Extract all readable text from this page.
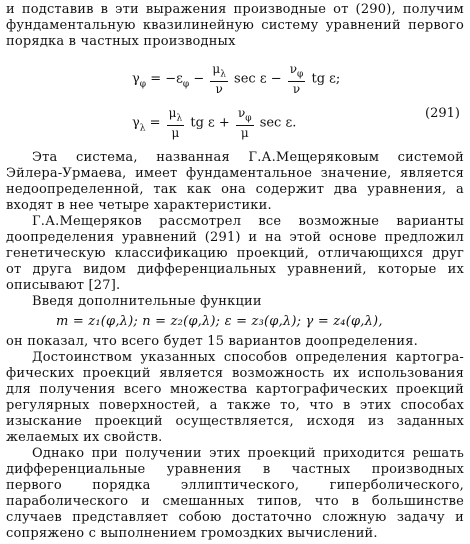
и подставив в эти выражения производные от (290), получим
фундаментальную квазилинейную систему уравнений первого
порядка в частных производных
$\gamma_\varphi = -\varepsilon_\varphi - \frac{\mu_\lambda}{\nu}$ $\sec \varepsilon - \frac{\nu_\varphi}{\nu}$ tg ε;
$\gamma_\lambda = \frac{\mu_\lambda}{\mu}$ tg $\varepsilon + \frac{\nu_\varphi}{\mu}$ sec ε.
(291)
Эта система, названная Г.А.Мещеряковым системой
Эйлера-Урмаева, имеет фундаментальное значение, является
недоопределенной, так как она содержит два уравнения, а
входят в нее четыре характеристики.
Г.А.Мещеряков рассмотрел все возможные варианты
доопределения уравнений (291) и на этой основе предложил
генетическую классификацию проекций, отличающихся друг
от друга видом дифференциальных уравнений, которые их
описывают [27].
Введя дополнительные функции
m = z₁(φ,λ); n = z₂(φ,λ); ε = z₃(φ,λ); γ = z₄(φ,λ),
он показал, что всего будет 15 вариантов доопределения.
Достоинством указанных способов определения картогра-
фических проекций является возможность их использования
для получения всего множества картографических проекций
регулярных поверхностей, а также то, что в этих способах
изыскание проекций осуществляется, исходя из заданных
желаемых их свойств.
Однако при получении этих проекций приходится решать
дифференциальные уравнения в частных производных
первого порядка эллиптического, гиперболического,
параболического и смешанных типов, что в большинстве
случаев представляет собою достаточно сложную задачу и
сопряжено с выполнением громоздких вычислений.
